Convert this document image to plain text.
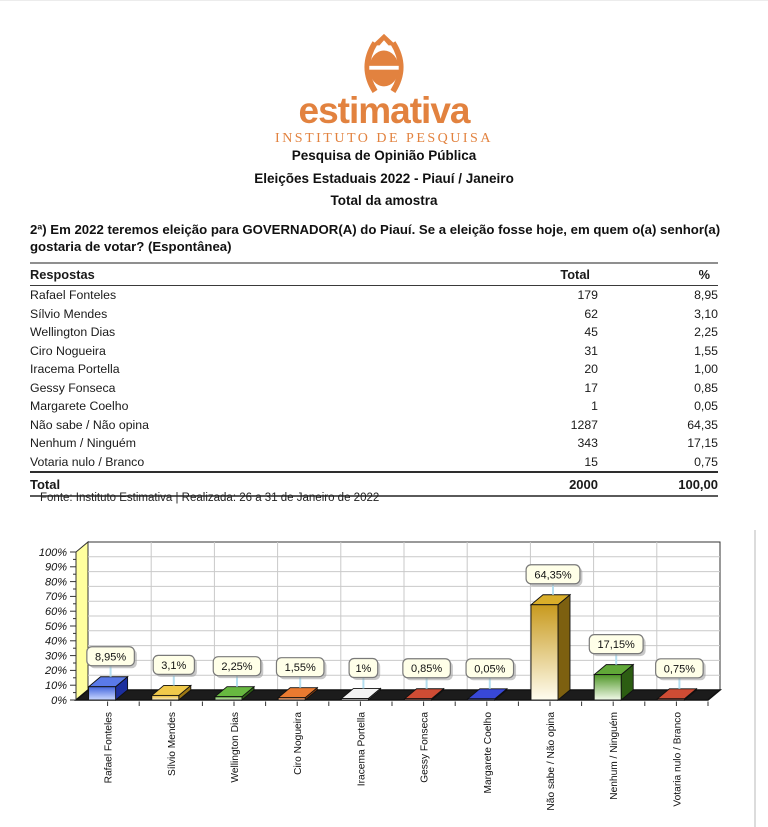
estimativa
INSTITUTO DE PESQUISA
Pesquisa de Opinião Pública
Eleições Estaduais 2022 - Piauí / Janeiro
Total da amostra
2ª) Em 2022 teremos eleição para GOVERNADOR(A) do Piauí. Se a eleição fosse hoje, em quem o(a) senhor(a) gostaria de votar? (Espontânea)
Respostas	Total	%
Rafael Fonteles	179	8,95
Sílvio Mendes	62	3,10
Wellington Dias	45	2,25
Ciro Nogueira	31	1,55
Iracema Portella	20	1,00
Gessy Fonseca	17	0,85
Margarete Coelho	1	0,05
Não sabe / Não opina	1287	64,35
Nenhum / Ninguém	343	17,15
Votaria nulo / Branco	15	0,75
Total	2000	100,00
Fonte: Instituto Estimativa | Realizada: 26 a 31 de Janeiro de 2022
0%
10%
20%
30%
40%
50%
60%
70%
80%
90%
100%
8,95%
3,1%	2,25%	1,55%	1%	0,85%	0,05%
64,35%
17,15%
0,75%
Rafael Fonteles	Sílvio Mendes	Wellington Dias	Ciro Nogueira	Iracema Portella	Gessy Fonseca	Margarete Coelho	Não sabe / Não opina	Nenhum / Ninguém	Votaria nulo / Branco
